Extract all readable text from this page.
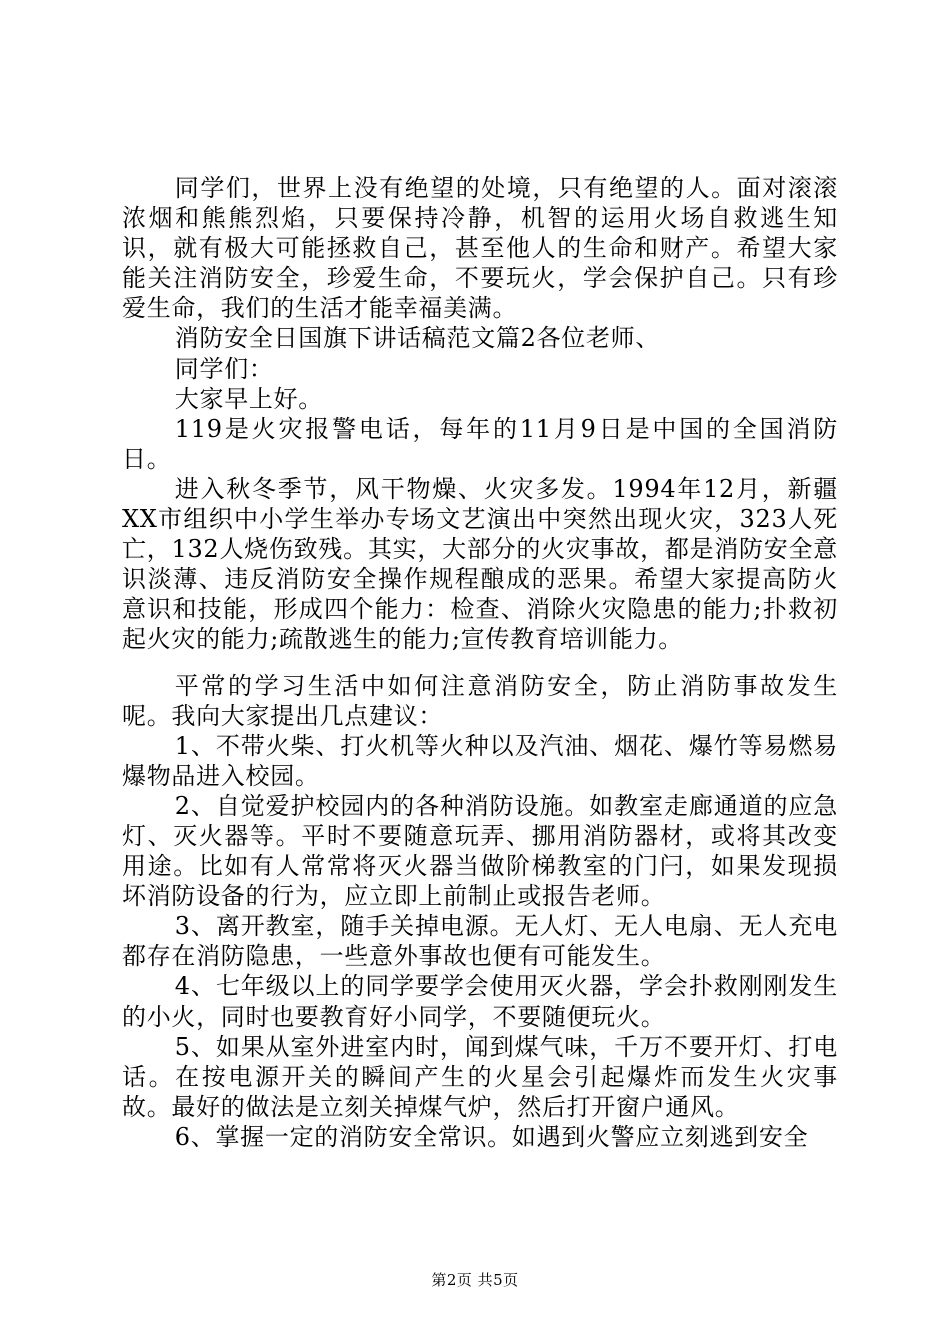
同学们，世界上没有绝望的处境，只有绝望的人。面对滚滚浓烟和熊熊烈焰，只要保持冷静，机智的运用火场自救逃生知识，就有极大可能拯救自己，甚至他人的生命和财产。希望大家能关注消防安全，珍爱生命，不要玩火，学会保护自己。只有珍爱生命，我们的生活才能幸福美满。

消防安全日国旗下讲话稿范文篇2各位老师、

同学们：

大家早上好。

119是火灾报警电话，每年的11月9日是中国的全国消防日。

进入秋冬季节，风干物燥、火灾多发。1994年12月，新疆XX市组织中小学生举办专场文艺演出中突然出现火灾，323人死亡，132人烧伤致残。其实，大部分的火灾事故，都是消防安全意识淡薄、违反消防安全操作规程酿成的恶果。希望大家提高防火意识和技能，形成四个能力：检查、消除火灾隐患的能力;扑救初起火灾的能力;疏散逃生的能力;宣传教育培训能力。

平常的学习生活中如何注意消防安全，防止消防事故发生呢。我向大家提出几点建议：

1、不带火柴、打火机等火种以及汽油、烟花、爆竹等易燃易爆物品进入校园。

2、自觉爱护校园内的各种消防设施。如教室走廊通道的应急灯、灭火器等。平时不要随意玩弄、挪用消防器材，或将其改变用途。比如有人常常将灭火器当做阶梯教室的门闩，如果发现损坏消防设备的行为，应立即上前制止或报告老师。

3、离开教室，随手关掉电源。无人灯、无人电扇、无人充电都存在消防隐患，一些意外事故也便有可能发生。

4、七年级以上的同学要学会使用灭火器，学会扑救刚刚发生的小火，同时也要教育好小同学，不要随便玩火。

5、如果从室外进室内时，闻到煤气味，千万不要开灯、打电话。在按电源开关的瞬间产生的火星会引起爆炸而发生火灾事故。最好的做法是立刻关掉煤气炉，然后打开窗户通风。

6、掌握一定的消防安全常识。如遇到火警应立刻逃到安全

第2页 共5页
